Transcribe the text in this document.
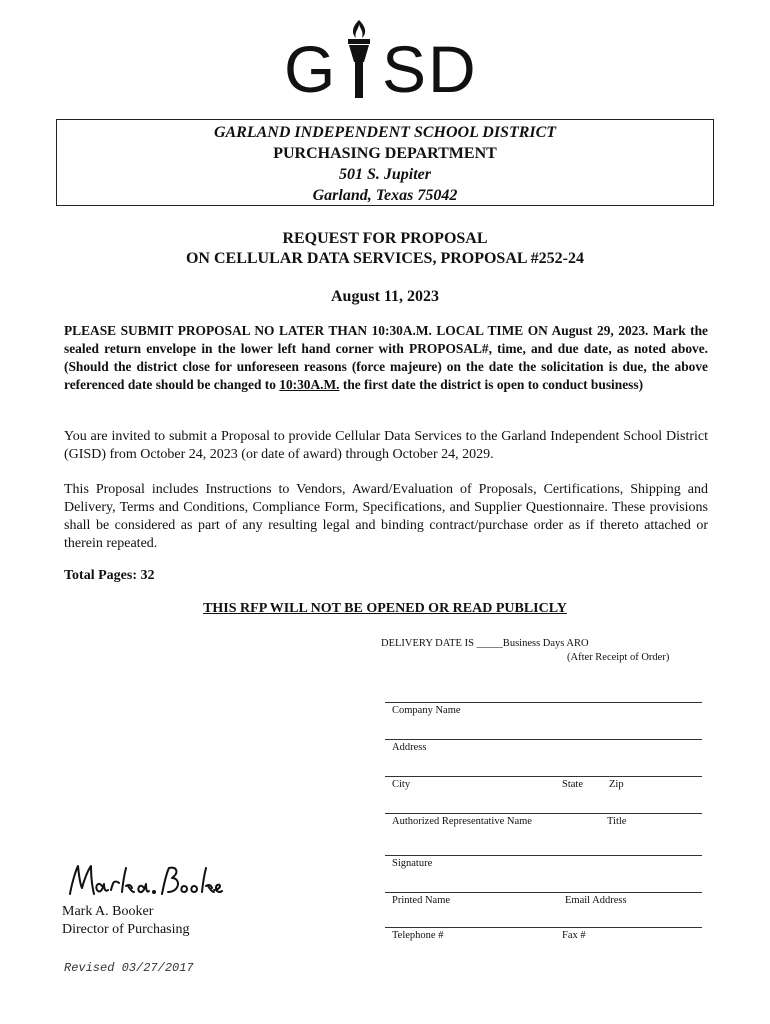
G SD
GARLAND INDEPENDENT SCHOOL DISTRICT
PURCHASING DEPARTMENT
501 S. Jupiter
Garland, Texas 75042
REQUEST FOR PROPOSAL
ON CELLULAR DATA SERVICES, PROPOSAL #252-24
August 11, 2023
PLEASE SUBMIT PROPOSAL NO LATER THAN 10:30A.M. LOCAL TIME ON August 29, 2023. Mark the sealed return envelope in the lower left hand corner with PROPOSAL#, time, and due date, as noted above. (Should the district close for unforeseen reasons (force majeure) on the date the solicitation is due, the above referenced date should be changed to 10:30A.M. the first date the district is open to conduct business)
You are invited to submit a Proposal to provide Cellular Data Services to the Garland Independent School District (GISD) from October 24, 2023 (or date of award) through October 24, 2029.
This Proposal includes Instructions to Vendors, Award/Evaluation of Proposals, Certifications, Shipping and Delivery, Terms and Conditions, Compliance Form, Specifications, and Supplier Questionnaire. These provisions shall be considered as part of any resulting legal and binding contract/purchase order as if thereto attached or therein repeated.
Total Pages: 32
THIS RFP WILL NOT BE OPENED OR READ PUBLICLY
DELIVERY DATE IS _____Business Days ARO
(After Receipt of Order)
Company Name
Address
City	State Zip
Authorized Representative Name	Title
Signature
Printed Name	Email Address
Telephone #	Fax #
Mark A. Booker
Director of Purchasing
Revised 03/27/2017
